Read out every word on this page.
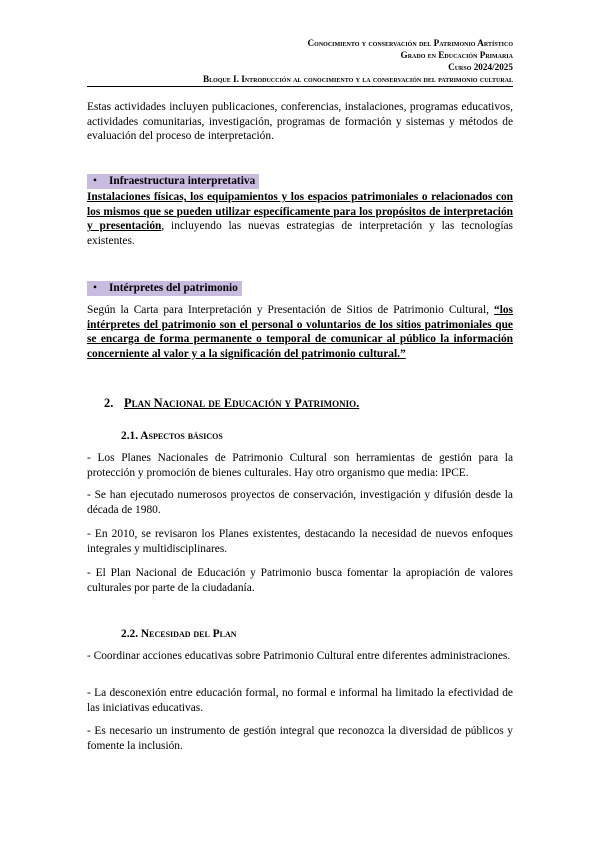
Conocimiento y conservación del Patrimonio Artístico
Grado en Educación Primaria
Curso 2024/2025
Bloque I. Introducción al conocimiento y la conservación del patrimonio cultural
Estas actividades incluyen publicaciones, conferencias, instalaciones, programas educativos, actividades comunitarias, investigación, programas de formación y sistemas y métodos de evaluación del proceso de interpretación.
• Infraestructura interpretativa
Instalaciones físicas, los equipamientos y los espacios patrimoniales o relacionados con los mismos que se pueden utilizar específicamente para los propósitos de interpretación y presentación, incluyendo las nuevas estrategias de interpretación y las tecnologías existentes.
• Intérpretes del patrimonio
Según la Carta para Interpretación y Presentación de Sitios de Patrimonio Cultural, “los intérpretes del patrimonio son el personal o voluntarios de los sitios patrimoniales que se encarga de forma permanente o temporal de comunicar al público la información concerniente al valor y a la significación del patrimonio cultural.”
2. Plan Nacional de Educación y Patrimonio.
2.1. Aspectos básicos
- Los Planes Nacionales de Patrimonio Cultural son herramientas de gestión para la protección y promoción de bienes culturales. Hay otro organismo que media: IPCE.
- Se han ejecutado numerosos proyectos de conservación, investigación y difusión desde la década de 1980.
- En 2010, se revisaron los Planes existentes, destacando la necesidad de nuevos enfoques integrales y multidisciplinares.
- El Plan Nacional de Educación y Patrimonio busca fomentar la apropiación de valores culturales por parte de la ciudadanía.
2.2. Necesidad del Plan
- Coordinar acciones educativas sobre Patrimonio Cultural entre diferentes administraciones.
- La desconexión entre educación formal, no formal e informal ha limitado la efectividad de las iniciativas educativas.
- Es necesario un instrumento de gestión integral que reconozca la diversidad de públicos y fomente la inclusión.
